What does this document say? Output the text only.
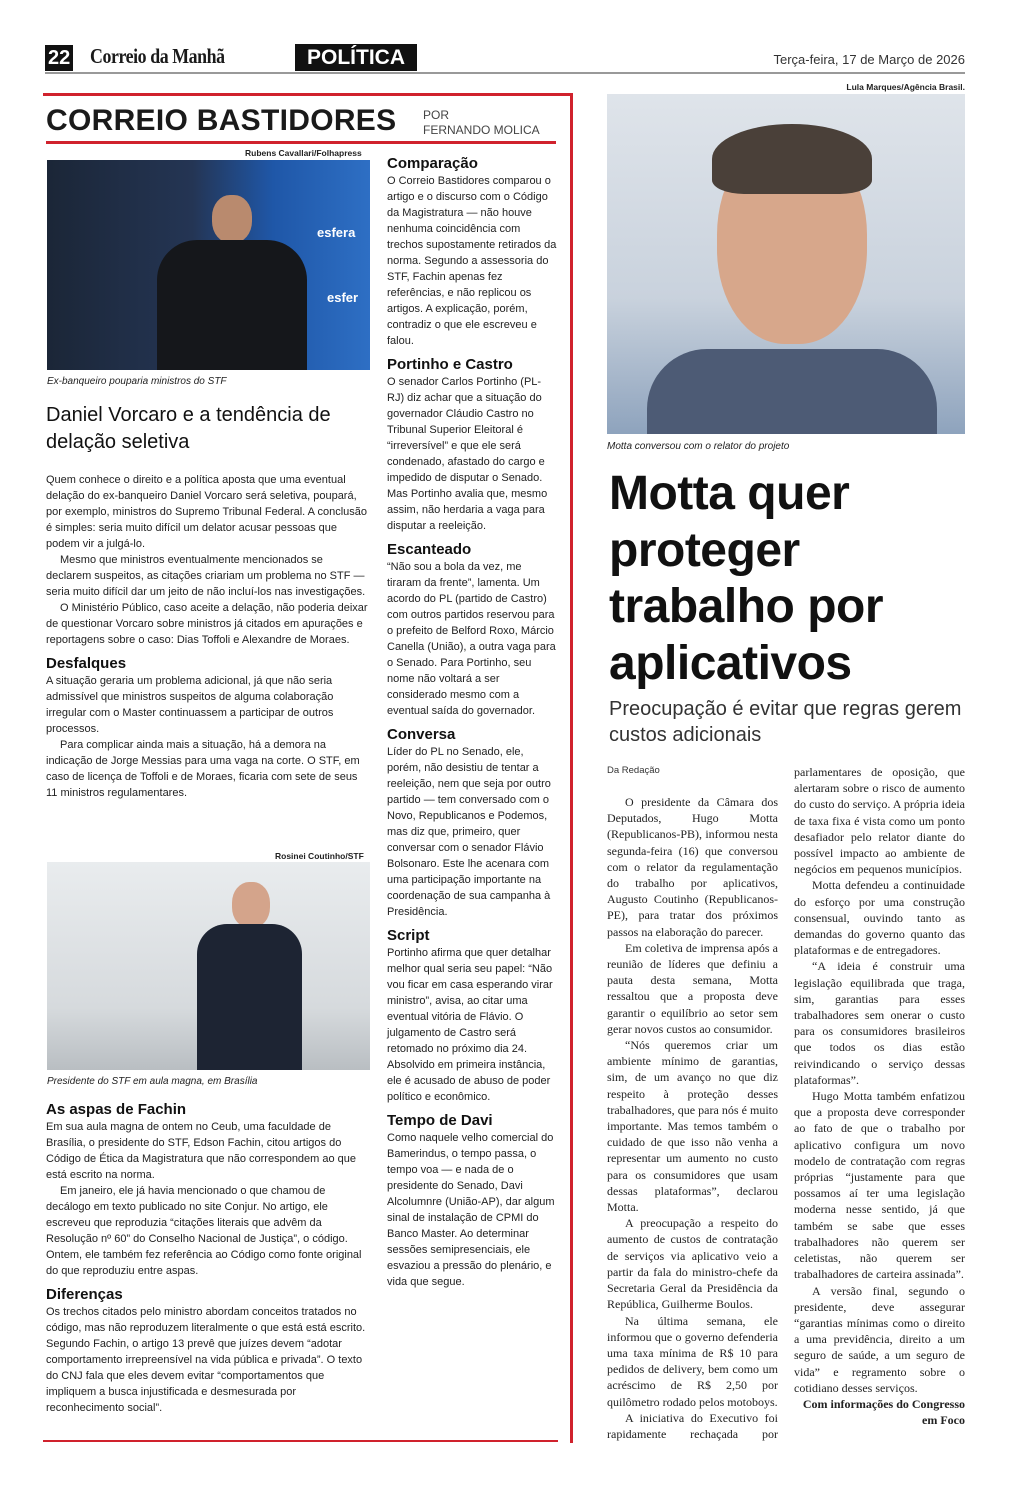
22 Correio da Manhã	POLÍTICA	Terça-feira, 17 de Março de 2026
CORREIO BASTIDORES POR
FERNANDO MOLICA
Rubens Cavallari/Folhapress
esfera
esfer
Ex-banqueiro pouparia ministros do STF
Daniel Vorcaro e a tendência de delação seletiva

Quem conhece o direito e a política aposta que uma eventual delação do ex-banqueiro Daniel Vorcaro será seletiva, poupará, por exemplo, ministros do Supremo Tribunal Federal. A conclusão é simples: seria muito difícil um delator acusar pessoas que podem vir a julgá-lo.

Mesmo que ministros eventualmente mencionados se declarem suspeitos, as citações criariam um problema no STF — seria muito difícil dar um jeito de não incluí-los nas investigações.

O Ministério Público, caso aceite a delação, não poderia deixar de questionar Vorcaro sobre ministros já citados em apurações e reportagens sobre o caso: Dias Toffoli e Alexandre de Moraes.

Desfalques

A situação geraria um problema adicional, já que não seria admissível que ministros suspeitos de alguma colaboração irregular com o Master continuassem a participar de outros processos.

Para complicar ainda mais a situação, há a demora na indicação de Jorge Messias para uma vaga na corte. O STF, em caso de licença de Toffoli e de Moraes, ficaria com sete de seus 11 ministros regulamentares.

Rosinei Coutinho/STF
Presidente do STF em aula magna, em Brasília
As aspas de Fachin

Em sua aula magna de ontem no Ceub, uma faculdade de Brasília, o presidente do STF, Edson Fachin, citou artigos do Código de Ética da Magistratura que não correspondem ao que está escrito na norma.

Em janeiro, ele já havia mencionado o que chamou de decálogo em texto publicado no site Conjur. No artigo, ele escreveu que reproduzia “citações literais que advêm da Resolução nº 60” do Conselho Nacional de Justiça”, o código. Ontem, ele também fez referência ao Código como fonte original do que reproduziu entre aspas.

Diferenças

Os trechos citados pelo ministro abordam conceitos tratados no código, mas não reproduzem literalmente o que está está escrito. Segundo Fachin, o artigo 13 prevê que juízes devem “adotar comportamento irrepreensível na vida pública e privada”. O texto do CNJ fala que eles devem evitar “comportamentos que impliquem a busca injustificada e desmesurada por reconhecimento social”.

Comparação

O Correio Bastidores comparou o artigo e o discurso com o Código da Magistratura — não houve nenhuma coincidência com trechos supostamente retirados da norma. Segundo a assessoria do STF, Fachin apenas fez referências, e não replicou os artigos. A explicação, porém, contradiz o que ele escreveu e falou.

Portinho e Castro

O senador Carlos Portinho (PL-RJ) diz achar que a situação do governador Cláudio Castro no Tribunal Superior Eleitoral é “irreversível” e que ele será condenado, afastado do cargo e impedido de disputar o Senado. Mas Portinho avalia que, mesmo assim, não herdaria a vaga para disputar a reeleição.

Escanteado

“Não sou a bola da vez, me tiraram da frente”, lamenta. Um acordo do PL (partido de Castro) com outros partidos reservou para o prefeito de Belford Roxo, Márcio Canella (União), a outra vaga para o Senado. Para Portinho, seu nome não voltará a ser considerado mesmo com a eventual saída do governador.

Conversa

Líder do PL no Senado, ele, porém, não desistiu de tentar a reeleição, nem que seja por outro partido — tem conversado com o Novo, Republicanos e Podemos, mas diz que, primeiro, quer conversar com o senador Flávio Bolsonaro. Este lhe acenara com uma participação importante na coordenação de sua campanha à Presidência.

Script

Portinho afirma que quer detalhar melhor qual seria seu papel: “Não vou ficar em casa esperando virar ministro”, avisa, ao citar uma eventual vitória de Flávio. O julgamento de Castro será retomado no próximo dia 24. Absolvido em primeira instância, ele é acusado de abuso de poder político e econômico.

Tempo de Davi

Como naquele velho comercial do Bamerindus, o tempo passa, o tempo voa — e nada de o presidente do Senado, Davi Alcolumnre (União-AP), dar algum sinal de instalação de CPMI do Banco Master. Ao determinar sessões semipresenciais, ele esvaziou a pressão do plenário, e vida que segue.

Lula Marques/Agência Brasil.
Motta conversou com o relator do projeto
Motta quer proteger trabalho por aplicativos
Preocupação é evitar que regras gerem custos adicionais

Da Redação

O presidente da Câmara dos Deputados, Hugo Motta (Republicanos-PB), informou nesta segunda-feira (16) que conversou com o relator da regulamentação do trabalho por aplicativos, Augusto Coutinho (Republicanos-PE), para tratar dos próximos passos na elaboração do parecer.

Em coletiva de imprensa após a reunião de líderes que definiu a pauta desta semana, Motta ressaltou que a proposta deve garantir o equilíbrio ao setor sem gerar novos custos ao consumidor.

“Nós queremos criar um ambiente mínimo de garantias, sim, de um avanço no que diz respeito à proteção desses trabalhadores, que para nós é muito importante. Mas temos também o cuidado de que isso não venha a representar um aumento no custo para os consumidores que usam dessas plataformas”, declarou Motta.

A preocupação a respeito do aumento de custos de contratação de serviços via aplicativo veio a partir da fala do ministro-chefe da Secretaria Geral da Presidência da República, Guilherme Boulos.

Na última semana, ele informou que o governo defenderia uma taxa mínima de R$ 10 para pedidos de delivery, bem como um acréscimo de R$ 2,50 por quilômetro rodado pelos motoboys.

A iniciativa do Executivo foi rapidamente rechaçada por parlamentares de oposição, que alertaram sobre o risco de aumento do custo do serviço. A própria ideia de taxa fixa é vista como um ponto desafiador pelo relator diante do possível impacto ao ambiente de negócios em pequenos municípios.

Motta defendeu a continuidade do esforço por uma construção consensual, ouvindo tanto as demandas do governo quanto das plataformas e de entregadores.

“A ideia é construir uma legislação equilibrada que traga, sim, garantias para esses trabalhadores sem onerar o custo para os consumidores brasileiros que todos os dias estão reivindicando o serviço dessas plataformas”.

Hugo Motta também enfatizou que a proposta deve corresponder ao fato de que o trabalho por aplicativo configura um novo modelo de contratação com regras próprias “justamente para que possamos aí ter uma legislação moderna nesse sentido, já que também se sabe que esses trabalhadores não querem ser celetistas, não querem ser trabalhadores de carteira assinada”.

A versão final, segundo o presidente, deve assegurar “garantias mínimas como o direito a uma previdência, direito a um seguro de saúde, a um seguro de vida” e regramento sobre o cotidiano desses serviços.

Com informações do Congresso em Foco
